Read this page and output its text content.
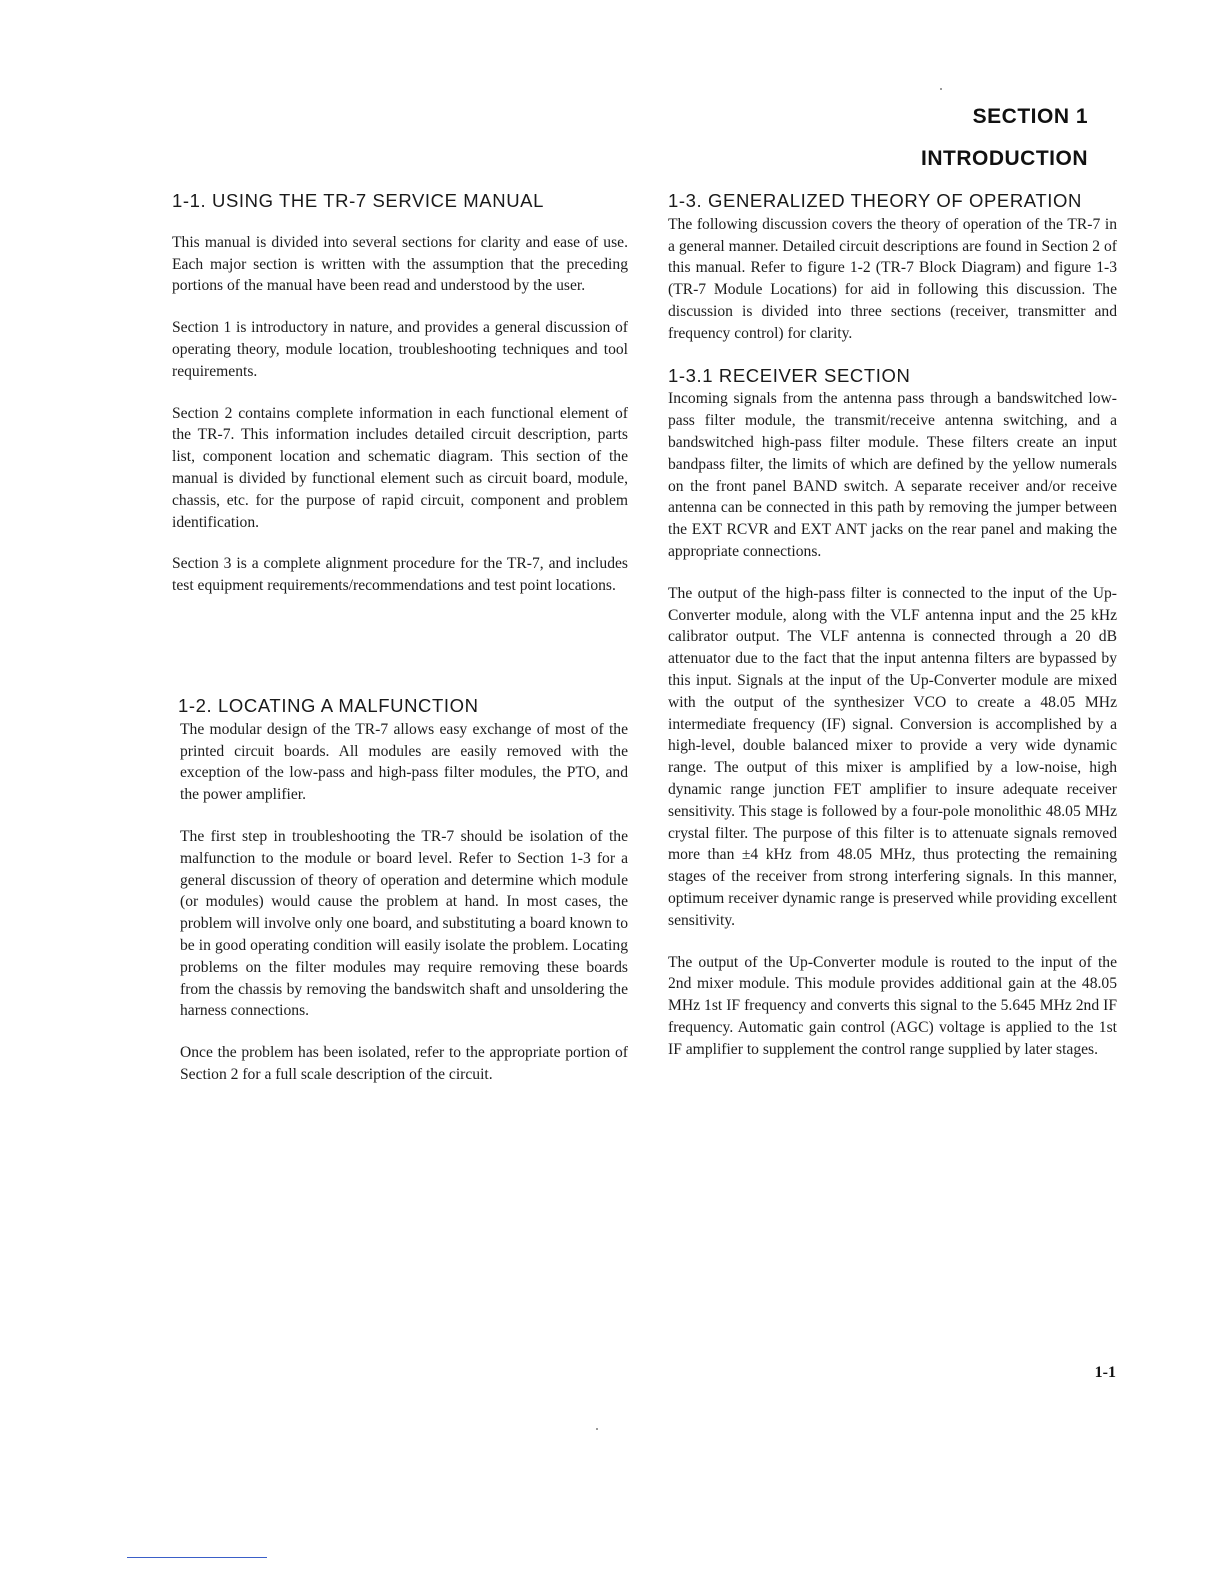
SECTION 1
INTRODUCTION
1-1. USING THE TR-7 SERVICE MANUAL

This manual is divided into several sections for clarity and ease of use. Each major section is written with the assumption that the preceding portions of the manual have been read and understood by the user.

Section 1 is introductory in nature, and provides a general discussion of operating theory, module location, troubleshooting techniques and tool requirements.

Section 2 contains complete information in each functional element of the TR-7. This information includes detailed circuit description, parts list, component location and schematic diagram. This section of the manual is divided by functional element such as circuit board, module, chassis, etc. for the purpose of rapid circuit, component and problem identification.

Section 3 is a complete alignment procedure for the TR-7, and includes test equipment requirements/recommendations and test point locations.

1-2. LOCATING A MALFUNCTION

The modular design of the TR-7 allows easy exchange of most of the printed circuit boards. All modules are easily removed with the exception of the low-pass and high-pass filter modules, the PTO, and the power amplifier.

The first step in troubleshooting the TR-7 should be isolation of the malfunction to the module or board level. Refer to Section 1-3 for a general discussion of theory of operation and determine which module (or modules) would cause the problem at hand. In most cases, the problem will involve only one board, and substituting a board known to be in good operating condition will easily isolate the problem. Locating problems on the filter modules may require removing these boards from the chassis by removing the bandswitch shaft and unsoldering the harness connections.

Once the problem has been isolated, refer to the appropriate portion of Section 2 for a full scale description of the circuit.

1-3. GENERALIZED THEORY OF OPERATION

The following discussion covers the theory of operation of the TR-7 in a general manner. Detailed circuit descriptions are found in Section 2 of this manual. Refer to figure 1-2 (TR-7 Block Diagram) and figure 1-3 (TR-7 Module Locations) for aid in following this discussion. The discussion is divided into three sections (receiver, transmitter and frequency control) for clarity.

1-3.1 RECEIVER SECTION

Incoming signals from the antenna pass through a bandswitched low-pass filter module, the transmit/receive antenna switching, and a bandswitched high-pass filter module. These filters create an input bandpass filter, the limits of which are defined by the yellow numerals on the front panel BAND switch. A separate receiver and/or receive antenna can be connected in this path by removing the jumper between the EXT RCVR and EXT ANT jacks on the rear panel and making the appropriate connections.

The output of the high-pass filter is connected to the input of the Up-Converter module, along with the VLF antenna input and the 25 kHz calibrator output. The VLF antenna is connected through a 20 dB attenuator due to the fact that the input antenna filters are bypassed by this input. Signals at the input of the Up-Converter module are mixed with the output of the synthesizer VCO to create a 48.05 MHz intermediate frequency (IF) signal. Conversion is accomplished by a high-level, double balanced mixer to provide a very wide dynamic range. The output of this mixer is amplified by a low-noise, high dynamic range junction FET amplifier to insure adequate receiver sensitivity. This stage is followed by a four-pole monolithic 48.05 MHz crystal filter. The purpose of this filter is to attenuate signals removed more than ±4 kHz from 48.05 MHz, thus protecting the remaining stages of the receiver from strong interfering signals. In this manner, optimum receiver dynamic range is preserved while providing excellent sensitivity.

The output of the Up-Converter module is routed to the input of the 2nd mixer module. This module provides additional gain at the 48.05 MHz 1st IF frequency and converts this signal to the 5.645 MHz 2nd IF frequency. Automatic gain control (AGC) voltage is applied to the 1st IF amplifier to supplement the control range supplied by later stages.

1-1
